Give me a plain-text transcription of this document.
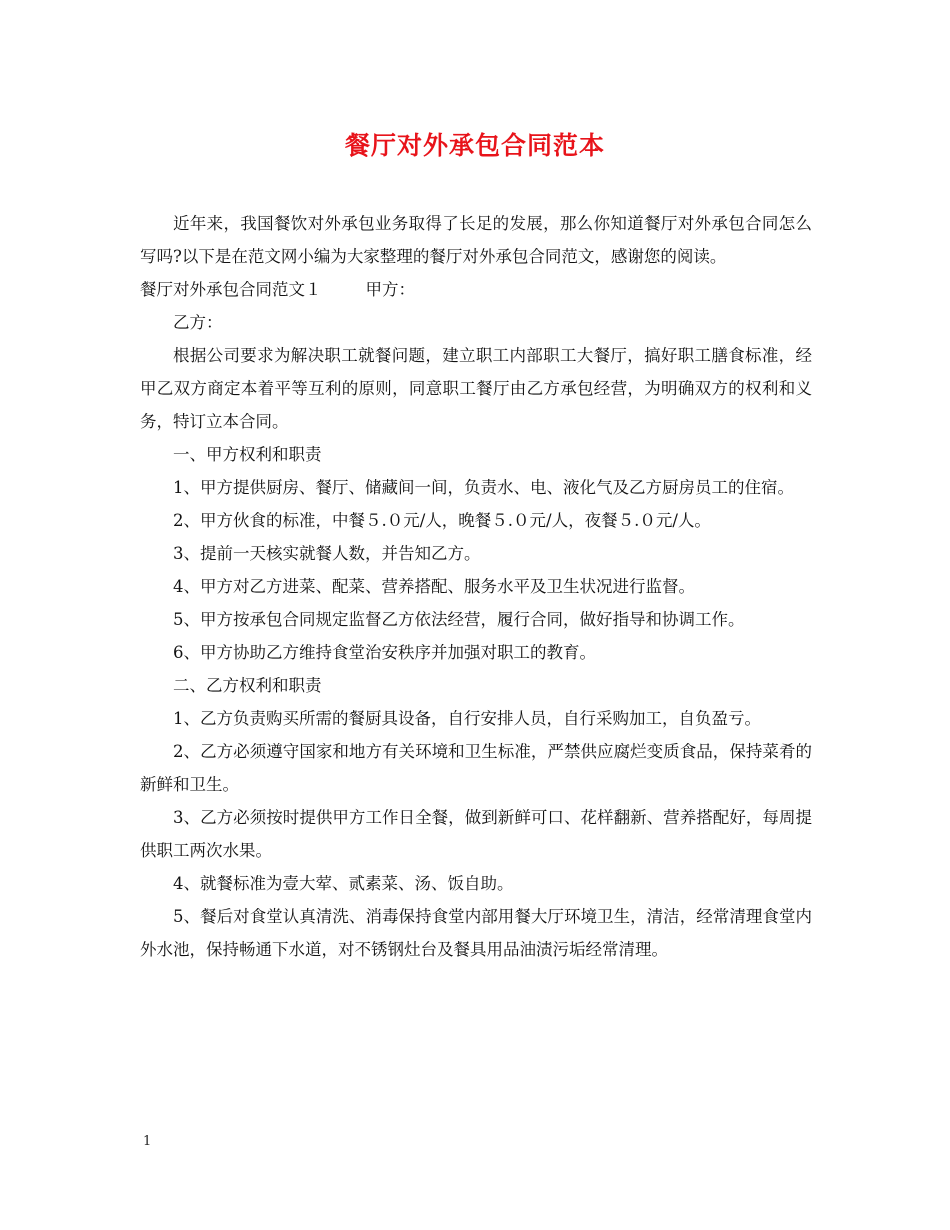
餐厅对外承包合同范本

近年来，我国餐饮对外承包业务取得了长足的发展，那么你知道餐厅对外承包合同怎么写吗?以下是在范文网小编为大家整理的餐厅对外承包合同范文，感谢您的阅读。

餐厅对外承包合同范文１	甲方：

乙方：

根据公司要求为解决职工就餐问题，建立职工内部职工大餐厅，搞好职工膳食标准，经甲乙双方商定本着平等互利的原则，同意职工餐厅由乙方承包经营，为明确双方的权利和义务，特订立本合同。

一、甲方权利和职责

1、甲方提供厨房、餐厅、储藏间一间，负责水、电、液化气及乙方厨房员工的住宿。

2、甲方伙食的标准，中餐５.０元/人，晚餐５.０元/人，夜餐５.０元/人。

3、提前一天核实就餐人数，并告知乙方。

4、甲方对乙方进菜、配菜、营养搭配、服务水平及卫生状况进行监督。

5、甲方按承包合同规定监督乙方依法经营，履行合同，做好指导和协调工作。

6、甲方协助乙方维持食堂治安秩序并加强对职工的教育。

二、乙方权利和职责

1、乙方负责购买所需的餐厨具设备，自行安排人员，自行采购加工，自负盈亏。

2、乙方必须遵守国家和地方有关环境和卫生标准，严禁供应腐烂变质食品，保持菜肴的新鲜和卫生。

3、乙方必须按时提供甲方工作日全餐，做到新鲜可口、花样翻新、营养搭配好，每周提供职工两次水果。

4、就餐标准为壹大荤、贰素菜、汤、饭自助。

5、餐后对食堂认真清洗、消毒保持食堂内部用餐大厅环境卫生，清洁，经常清理食堂内外水池，保持畅通下水道，对不锈钢灶台及餐具用品油渍污垢经常清理。

1
